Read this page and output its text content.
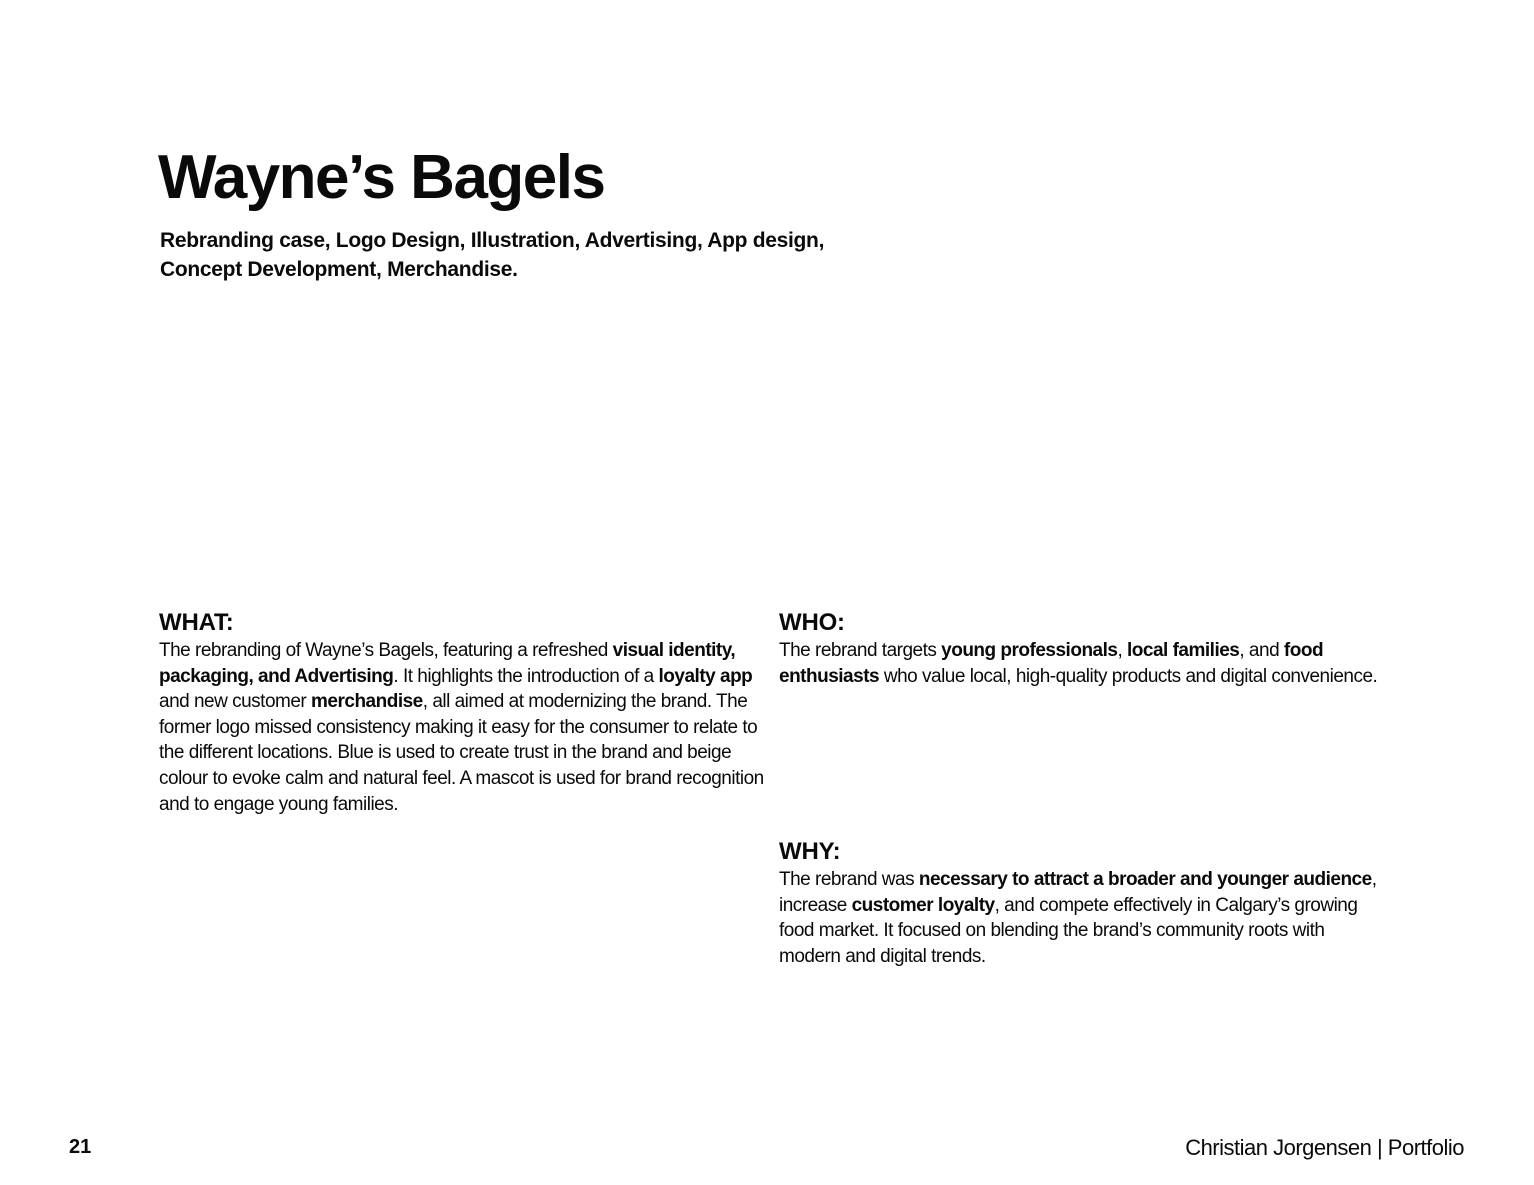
Wayne’s Bagels

Rebranding case, Logo Design, Illustration, Advertising, App design, Concept Development, Merchandise.

WHAT:

The rebranding of Wayne’s Bagels, featuring a refreshed visual identity, packaging, and Advertising. It highlights the introduction of a loyalty app and new customer merchandise, all aimed at modernizing the brand. The former logo missed consistency making it easy for the consumer to relate to the different locations. Blue is used to create trust in the brand and beige colour to evoke calm and natural feel. A mascot is used for brand recognition and to engage young families.

WHO:

The rebrand targets young professionals, local families, and food enthusiasts who value local, high-quality products and digital convenience.

WHY:

The rebrand was necessary to attract a broader and younger audience, increase customer loyalty, and compete effectively in Calgary’s growing food market. It focused on blending the brand’s community roots with modern and digital trends.

21	Christian Jorgensen | Portfolio
